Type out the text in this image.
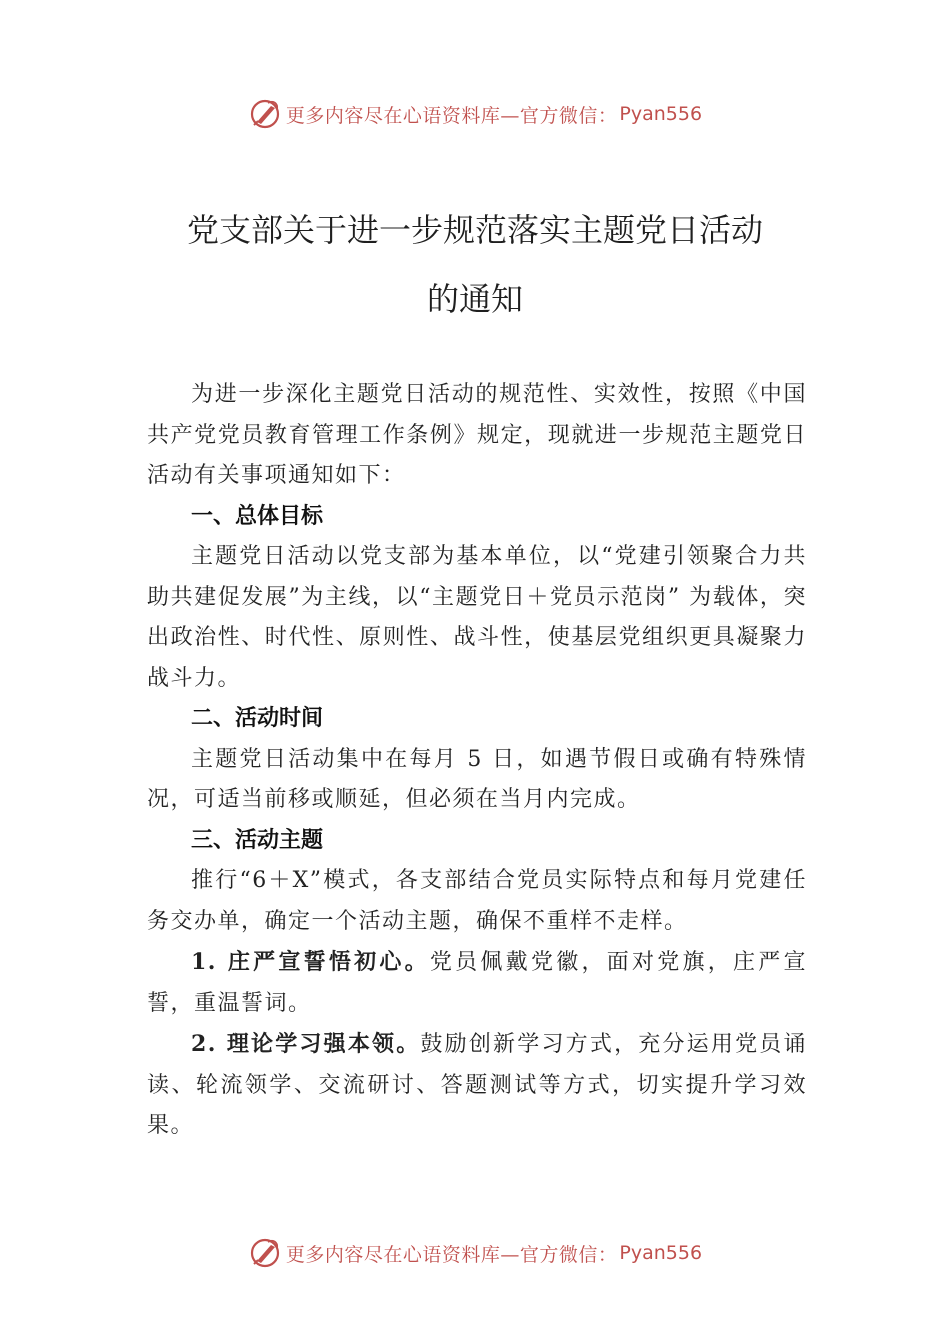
更多内容尽在心语资料库—官方微信： Pyan556
党支部关于进一步规范落实主题党日活动
的通知

为进一步深化主题党日活动的规范性、实效性，按照《中国共产党党员教育管理工作条例》规定，现就进一步规范主题党日活动有关事项通知如下：

一、总体目标

主题党日活动以党支部为基本单位，以“党建引领聚合力共助共建促发展”为主线，以“主题党日＋党员示范岗” 为载体，突出政治性、时代性、原则性、战斗性，使基层党组织更具凝聚力战斗力。

二、活动时间

主题党日活动集中在每月 5 日，如遇节假日或确有特殊情况，可适当前移或顺延，但必须在当月内完成。

三、活动主题

推行“6＋X”模式，各支部结合党员实际特点和每月党建任务交办单，确定一个活动主题，确保不重样不走样。

1. 庄严宣誓悟初心。党员佩戴党徽，面对党旗，庄严宣誓，重温誓词。

2. 理论学习强本领。鼓励创新学习方式，充分运用党员诵读、轮流领学、交流研讨、答题测试等方式，切实提升学习效果。

更多内容尽在心语资料库—官方微信： Pyan556
